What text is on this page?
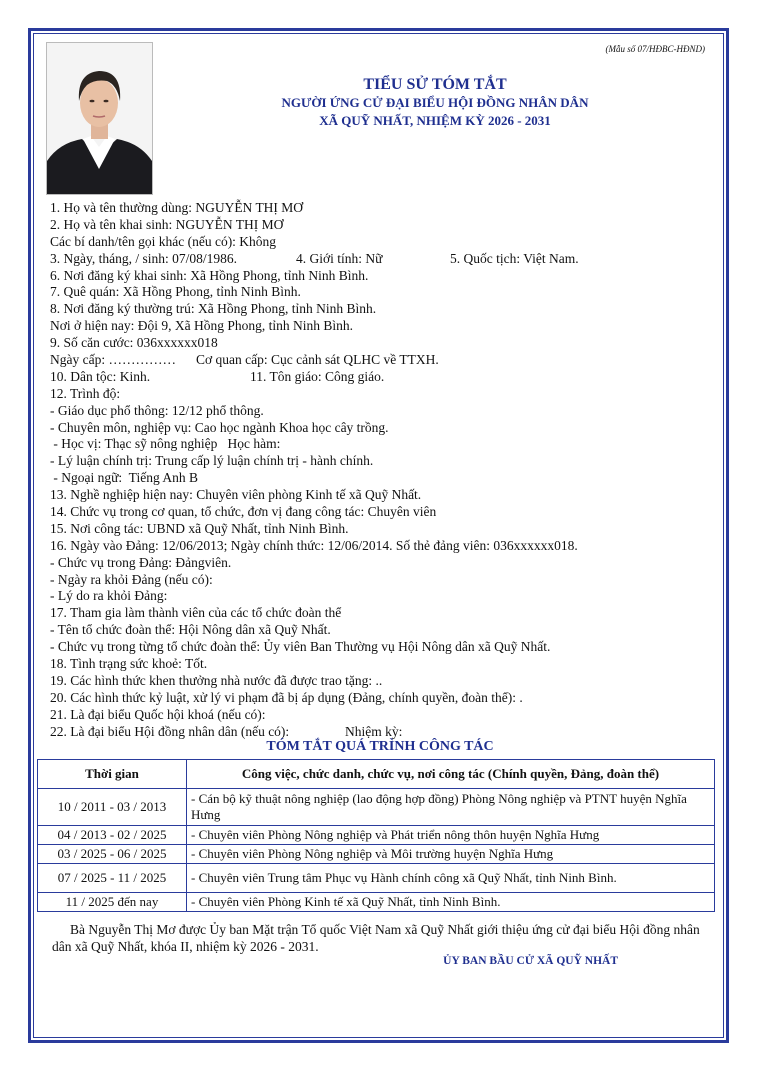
(Mẫu số 07/HĐBC-HĐND)
TIỂU SỬ TÓM TẮT
NGƯỜI ỨNG CỬ ĐẠI BIỂU HỘI ĐỒNG NHÂN DÂN
XÃ QUỸ NHẤT, NHIỆM KỲ 2026 - 2031
1. Họ và tên thường dùng: NGUYỄN THỊ MƠ
2. Họ và tên khai sinh: NGUYỄN THỊ MƠ
Các bí danh/tên gọi khác (nếu có): Không
3. Ngày, tháng, / sinh: 07/08/1986.	4. Giới tính: Nữ	5. Quốc tịch: Việt Nam.
6. Nơi đăng ký khai sinh: Xã Hồng Phong, tỉnh Ninh Bình.
7. Quê quán: Xã Hồng Phong, tỉnh Ninh Bình.
8. Nơi đăng ký thường trú: Xã Hồng Phong, tỉnh Ninh Bình.
Nơi ở hiện nay: Đội 9, Xã Hồng Phong, tỉnh Ninh Bình.
9. Số căn cước: 036xxxxxx018
Ngày cấp: …………… Cơ quan cấp: Cục cảnh sát QLHC về TTXH.
10. Dân tộc: Kinh.	11. Tôn giáo: Công giáo.
12. Trình độ:
- Giáo dục phổ thông: 12/12 phổ thông.
- Chuyên môn, nghiệp vụ: Cao học ngành Khoa học cây trồng.
- Học vị: Thạc sỹ nông nghiệp   Học hàm:
- Lý luận chính trị: Trung cấp lý luận chính trị - hành chính.
- Ngoại ngữ:  Tiếng Anh B
13. Nghề nghiệp hiện nay: Chuyên viên phòng Kinh tế xã Quỹ Nhất.
14. Chức vụ trong cơ quan, tổ chức, đơn vị đang công tác: Chuyên viên
15. Nơi công tác: UBND xã Quỹ Nhất, tỉnh Ninh Bình.
16. Ngày vào Đảng: 12/06/2013; Ngày chính thức: 12/06/2014. Số thẻ đảng viên: 036xxxxxx018.
- Chức vụ trong Đảng: Đảngviên.
- Ngày ra khỏi Đảng (nếu có):
- Lý do ra khỏi Đảng:
17. Tham gia làm thành viên của các tổ chức đoàn thể
- Tên tổ chức đoàn thể: Hội Nông dân xã Quỹ Nhất.
- Chức vụ trong từng tổ chức đoàn thể: Ủy viên Ban Thường vụ Hội Nông dân xã Quỹ Nhất.
18. Tình trạng sức khoẻ: Tốt.
19. Các hình thức khen thưởng nhà nước đã được trao tặng: ..
20. Các hình thức kỷ luật, xử lý vi phạm đã bị áp dụng (Đảng, chính quyền, đoàn thể): .
21. Là đại biểu Quốc hội khoá (nếu có):
22. Là đại biểu Hội đồng nhân dân (nếu có):	Nhiệm kỳ:
TÓM TẮT QUÁ TRÌNH CÔNG TÁC
Thời gian	Công việc, chức danh, chức vụ, nơi công tác (Chính quyền, Đảng, đoàn thể)
10 / 2011 - 03 / 2013	- Cán bộ kỹ thuật nông nghiệp (lao động hợp đồng) Phòng Nông nghiệp và PTNT huyện Nghĩa Hưng
04 / 2013 - 02 / 2025	- Chuyên viên Phòng Nông nghiệp và Phát triển nông thôn huyện Nghĩa Hưng
03 / 2025 - 06 / 2025	- Chuyên viên Phòng Nông nghiệp và Môi trường huyện Nghĩa Hưng
07 / 2025 - 11 / 2025	- Chuyên viên Trung tâm Phục vụ Hành chính công xã Quỹ Nhất, tỉnh Ninh Bình.
11 / 2025 đến nay	- Chuyên viên Phòng Kinh tế xã Quỹ Nhất, tỉnh Ninh Bình.
Bà Nguyễn Thị Mơ được Ủy ban Mặt trận Tổ quốc Việt Nam xã Quỹ Nhất giới thiệu ứng cử đại biểu Hội đồng nhân dân xã Quỹ Nhất, khóa II, nhiệm kỳ 2026 - 2031.
ỦY BAN BẦU CỬ XÃ QUỸ NHẤT
